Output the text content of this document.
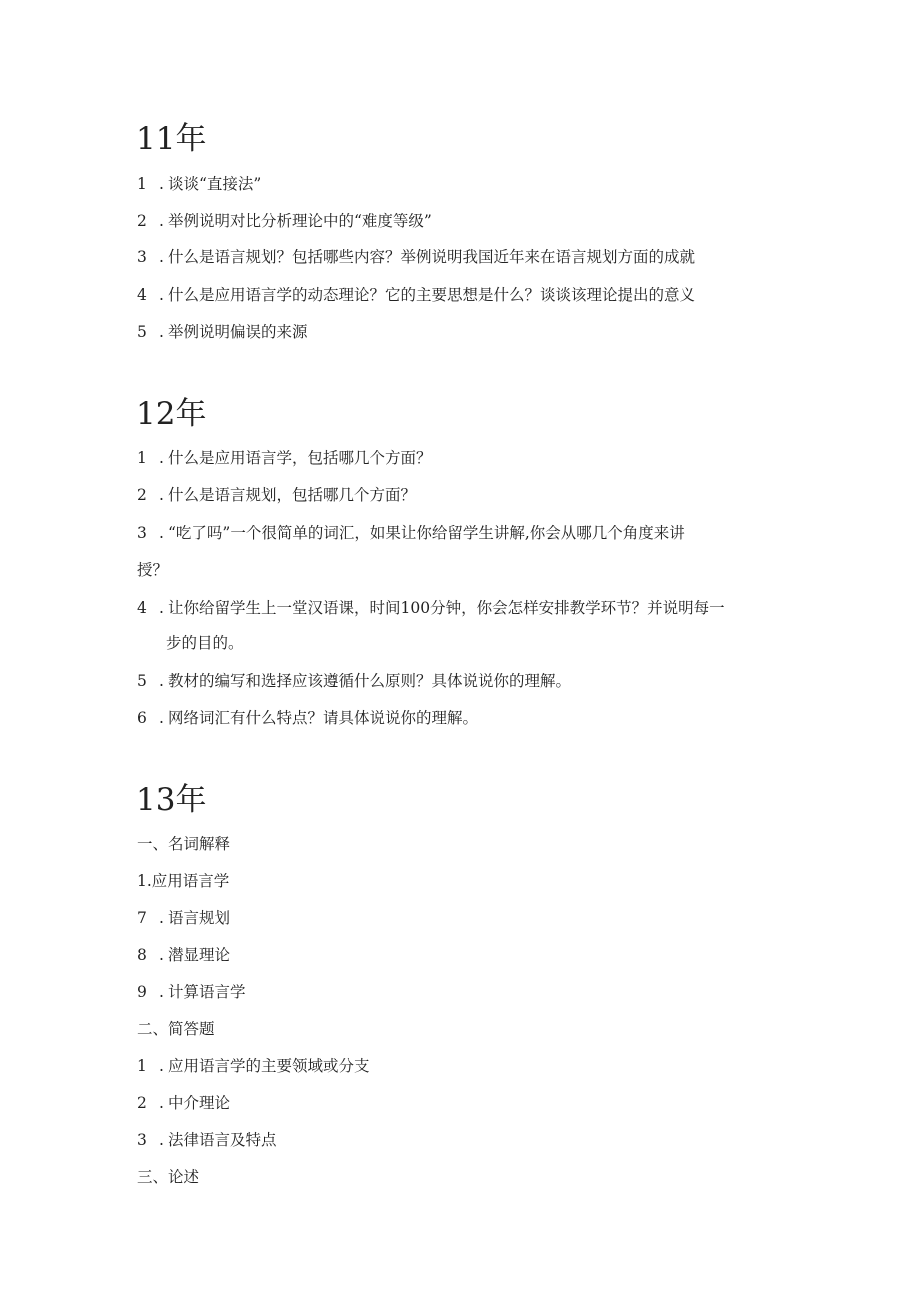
11年
1 . 谈谈“直接法”
2 . 举例说明对比分析理论中的“难度等级”
3 . 什么是语言规划？包括哪些内容？举例说明我国近年来在语言规划方面的成就
4 . 什么是应用语言学的动态理论？它的主要思想是什么？谈谈该理论提出的意义
5 . 举例说明偏误的来源
12年
1 . 什么是应用语言学，包括哪几个方面？
2 . 什么是语言规划，包括哪几个方面？
3 . “吃了吗”一个很简单的词汇，如果让你给留学生讲解,你会从哪几个角度来讲
授？
4 . 让你给留学生上一堂汉语课，时间100分钟，你会怎样安排教学环节？并说明每一
步的目的。
5 . 教材的编写和选择应该遵循什么原则？具体说说你的理解。
6 . 网络词汇有什么特点？请具体说说你的理解。
13年
一、名词解释
1.应用语言学
7 . 语言规划
8 . 潜显理论
9 . 计算语言学
二、简答题
1 . 应用语言学的主要领域或分支
2 . 中介理论
3 . 法律语言及特点
三、论述
